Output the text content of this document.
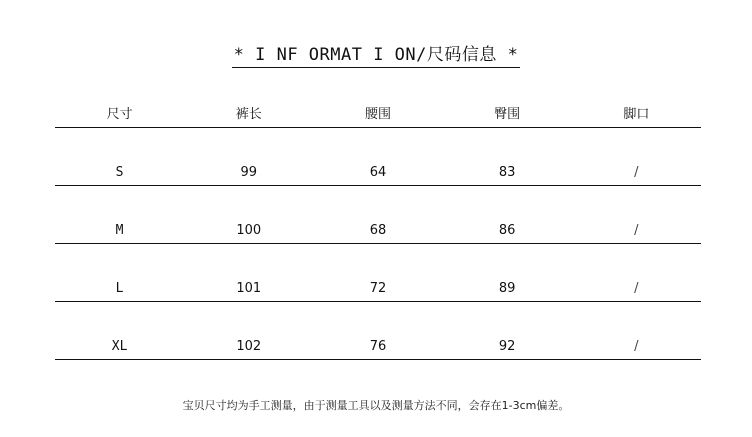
* I NF ORMAT I ON/尺码信息 *
尺寸	裤长	腰围	臀围	脚口
S	99	64	83	/
M	100	68	86	/
L	101	72	89	/
XL	102	76	92	/
宝贝尺寸均为手工测量，由于测量工具以及测量方法不同，会存在1-3cm偏差。
